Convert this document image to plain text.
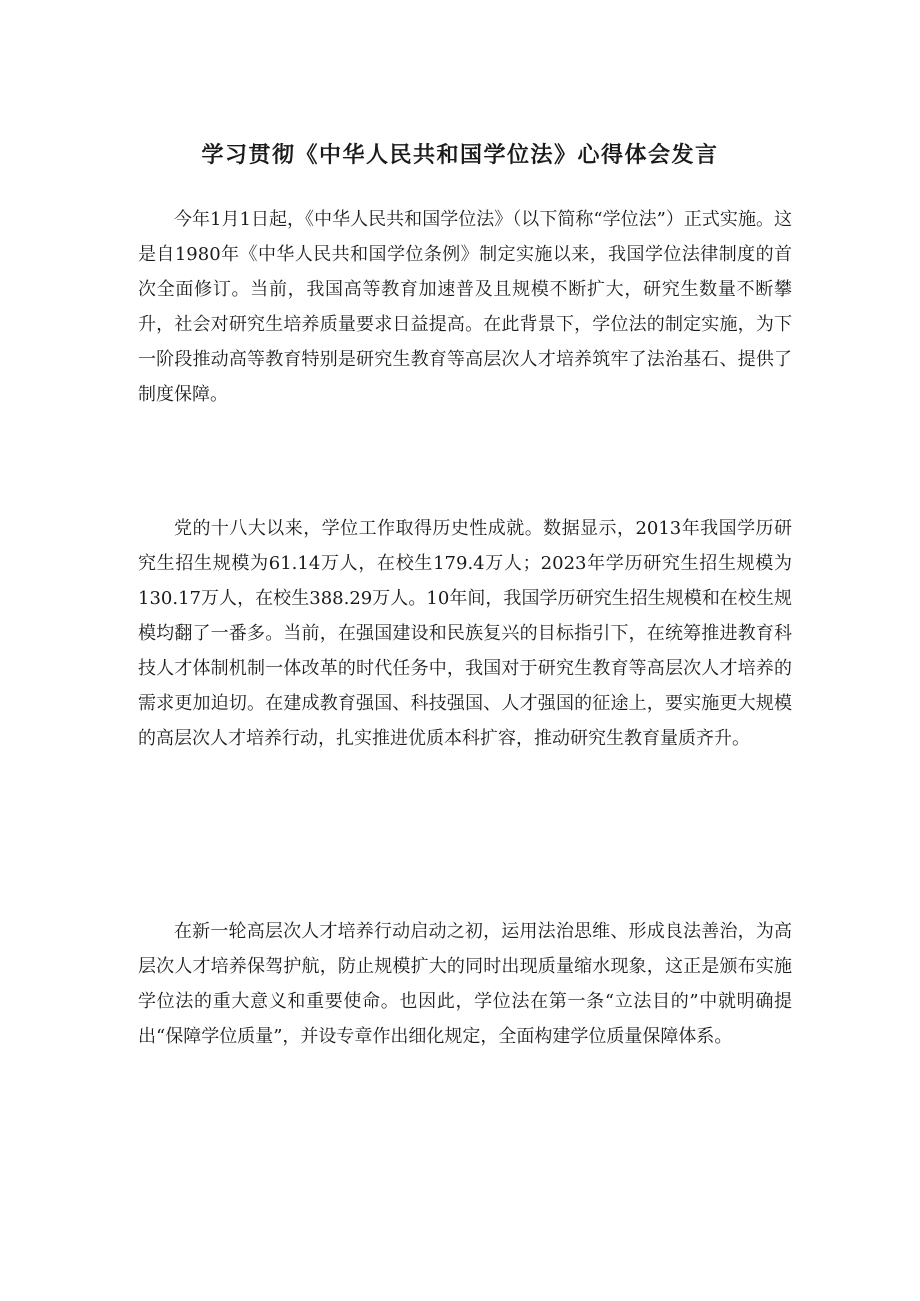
学习贯彻《中华人民共和国学位法》心得体会发言

今年1月1日起，《中华人民共和国学位法》（以下简称“学位法”）正式实施。这是自1980年《中华人民共和国学位条例》制定实施以来，我国学位法律制度的首次全面修订。当前，我国高等教育加速普及且规模不断扩大，研究生数量不断攀升，社会对研究生培养质量要求日益提高。在此背景下，学位法的制定实施，为下一阶段推动高等教育特别是研究生教育等高层次人才培养筑牢了法治基石、提供了制度保障。

党的十八大以来，学位工作取得历史性成就。数据显示，2013年我国学历研究生招生规模为61.14万人，在校生179.4万人；2023年学历研究生招生规模为130.17万人，在校生388.29万人。10年间，我国学历研究生招生规模和在校生规模均翻了一番多。当前，在强国建设和民族复兴的目标指引下，在统筹推进教育科技人才体制机制一体改革的时代任务中，我国对于研究生教育等高层次人才培养的需求更加迫切。在建成教育强国、科技强国、人才强国的征途上，要实施更大规模的高层次人才培养行动，扎实推进优质本科扩容，推动研究生教育量质齐升。

在新一轮高层次人才培养行动启动之初，运用法治思维、形成良法善治，为高层次人才培养保驾护航，防止规模扩大的同时出现质量缩水现象，这正是颁布实施学位法的重大意义和重要使命。也因此，学位法在第一条“立法目的”中就明确提出“保障学位质量”，并设专章作出细化规定，全面构建学位质量保障体系。
